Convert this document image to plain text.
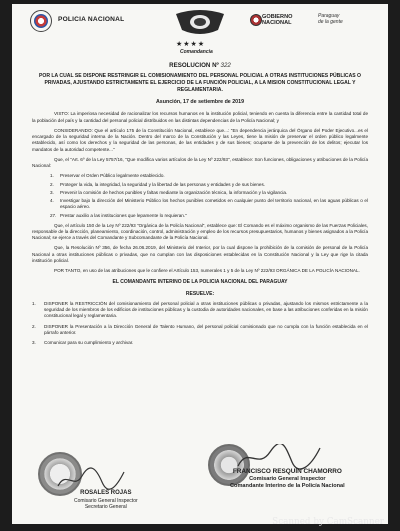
POLICIA NACIONAL
★★★★
Comandancia
GOBIERNO
NACIONAL
Paraguay
de la gente
RESOLUCION Nº 322
POR LA CUAL SE DISPONE RESTRINGIR EL COMISIONAMIENTO DEL PERSONAL POLICIAL A OTRAS INSTITUCIONES PÚBLICAS O PRIVADAS, AJUSTANDO ESTRICTAMENTE EL EJERCICIO DE LA FUNCIÓN POLICIAL, A LA MISION CONSTITUCIONAL LEGAL Y REGLAMENTARIA.
Asunción, 17 de setiembre de 2019

VISTO: La imperiosa necesidad de racionalizar los recursos humanos en la institución policial, teniendo en cuenta la diferencia entre la cantidad total de la población del país y la cantidad del personal policial distribuidos en las distintas dependencias de la Policía Nacional; y

CONSIDERANDO: Que el artículo 175 de la Constitución Nacional, establece que...: "En dependencia jerárquica del Órgano del Poder Ejecutivo...es el encargado de la seguridad interna de la Nación. Dentro del marco de la Constitución y las Leyes, tiene la misión de preservar el orden público legalmente establecido, así como los derechos y la seguridad de las personas, de las entidades y de sus bienes; ocuparse de la prevención de los delitos; ejecutar los mandatos de la autoridad competente..."

Que, el "Art. 6º de la Ley 5757/16, "Que modifica varios artículos de la Ley Nº 222/93", establece: Son funciones, obligaciones y atribuciones de la Policía Nacional:

1. Preservar el Orden Público legalmente establecido.
2. Proteger la vida, la integridad, la seguridad y la libertad de las personas y entidades y de sus bienes.
3. Prevenir la comisión de hechos punibles y faltas mediante la organización técnica, la información y la vigilancia.
4. Investigar bajo la dirección del Ministerio Público los hechos punibles cometidos en cualquier punto del territorio nacional, en las aguas públicas o el espacio aéreo.
27. Prestar auxilio a las instituciones que lepamente lo requieran."

Que, el artículo 150 de la Ley Nº 222/93 "Orgánica de la Policía Nacional", establece que: El Comando es el máximo organismo de las Fuerzas Policiales, responsable de la dirección, planeamiento, coordinación, control, administración y empleo de los recursos presupuestarios, humanos y bienes asignados a la Policía Nacional; se ejerce a través del Comandante y Subcomandante de la Policía Nacional.

Que, la Resolución Nº 356, de fecha 26.06.2019, del Ministerio del Interior, por la cual dispone la prohibición de la comisión de personal de la Policía Nacional a otras instituciones públicas o privadas, que no cumplan con las disposiciones establecidas en la Constitución Nacional y la Ley que rige la citada institución policial.

POR TANTO, en uso de las atribuciones que le confiere el Artículo 153, numerales 1 y 5 de la Ley Nº 222/93 ORGÁNICA DE LA POLICÍA NACIONAL.

EL COMANDANTE INTERINO DE LA POLICIA NACIONAL DEL PARAGUAY
RESUELVE:
1. DISPONER la RESTRICCIÓN del comisionamiento del personal policial a otras instituciones públicas o privadas, ajustando los mismos estrictamente a la seguridad de los miembros de los edificios de instituciones públicas y la custodia de autoridades nacionales, en base a las atribuciones conferidas en la misión constitucional legal y reglamentaria.
2. DISPONER la Presentación a la Dirección General de Talento Humano, del personal policial comisionado que no cumpla con la función establecida en el párrafo anterior.
3. Comunicar para su cumplimiento y archivar.
ROSALES ROJAS
Comisario General Inspector
Secretario General
FRANCISCO RESQUIN CHAMORRO
Comisario General Inspector
Comandante Interino de la Policía Nacional
Scanned by CamScanner
